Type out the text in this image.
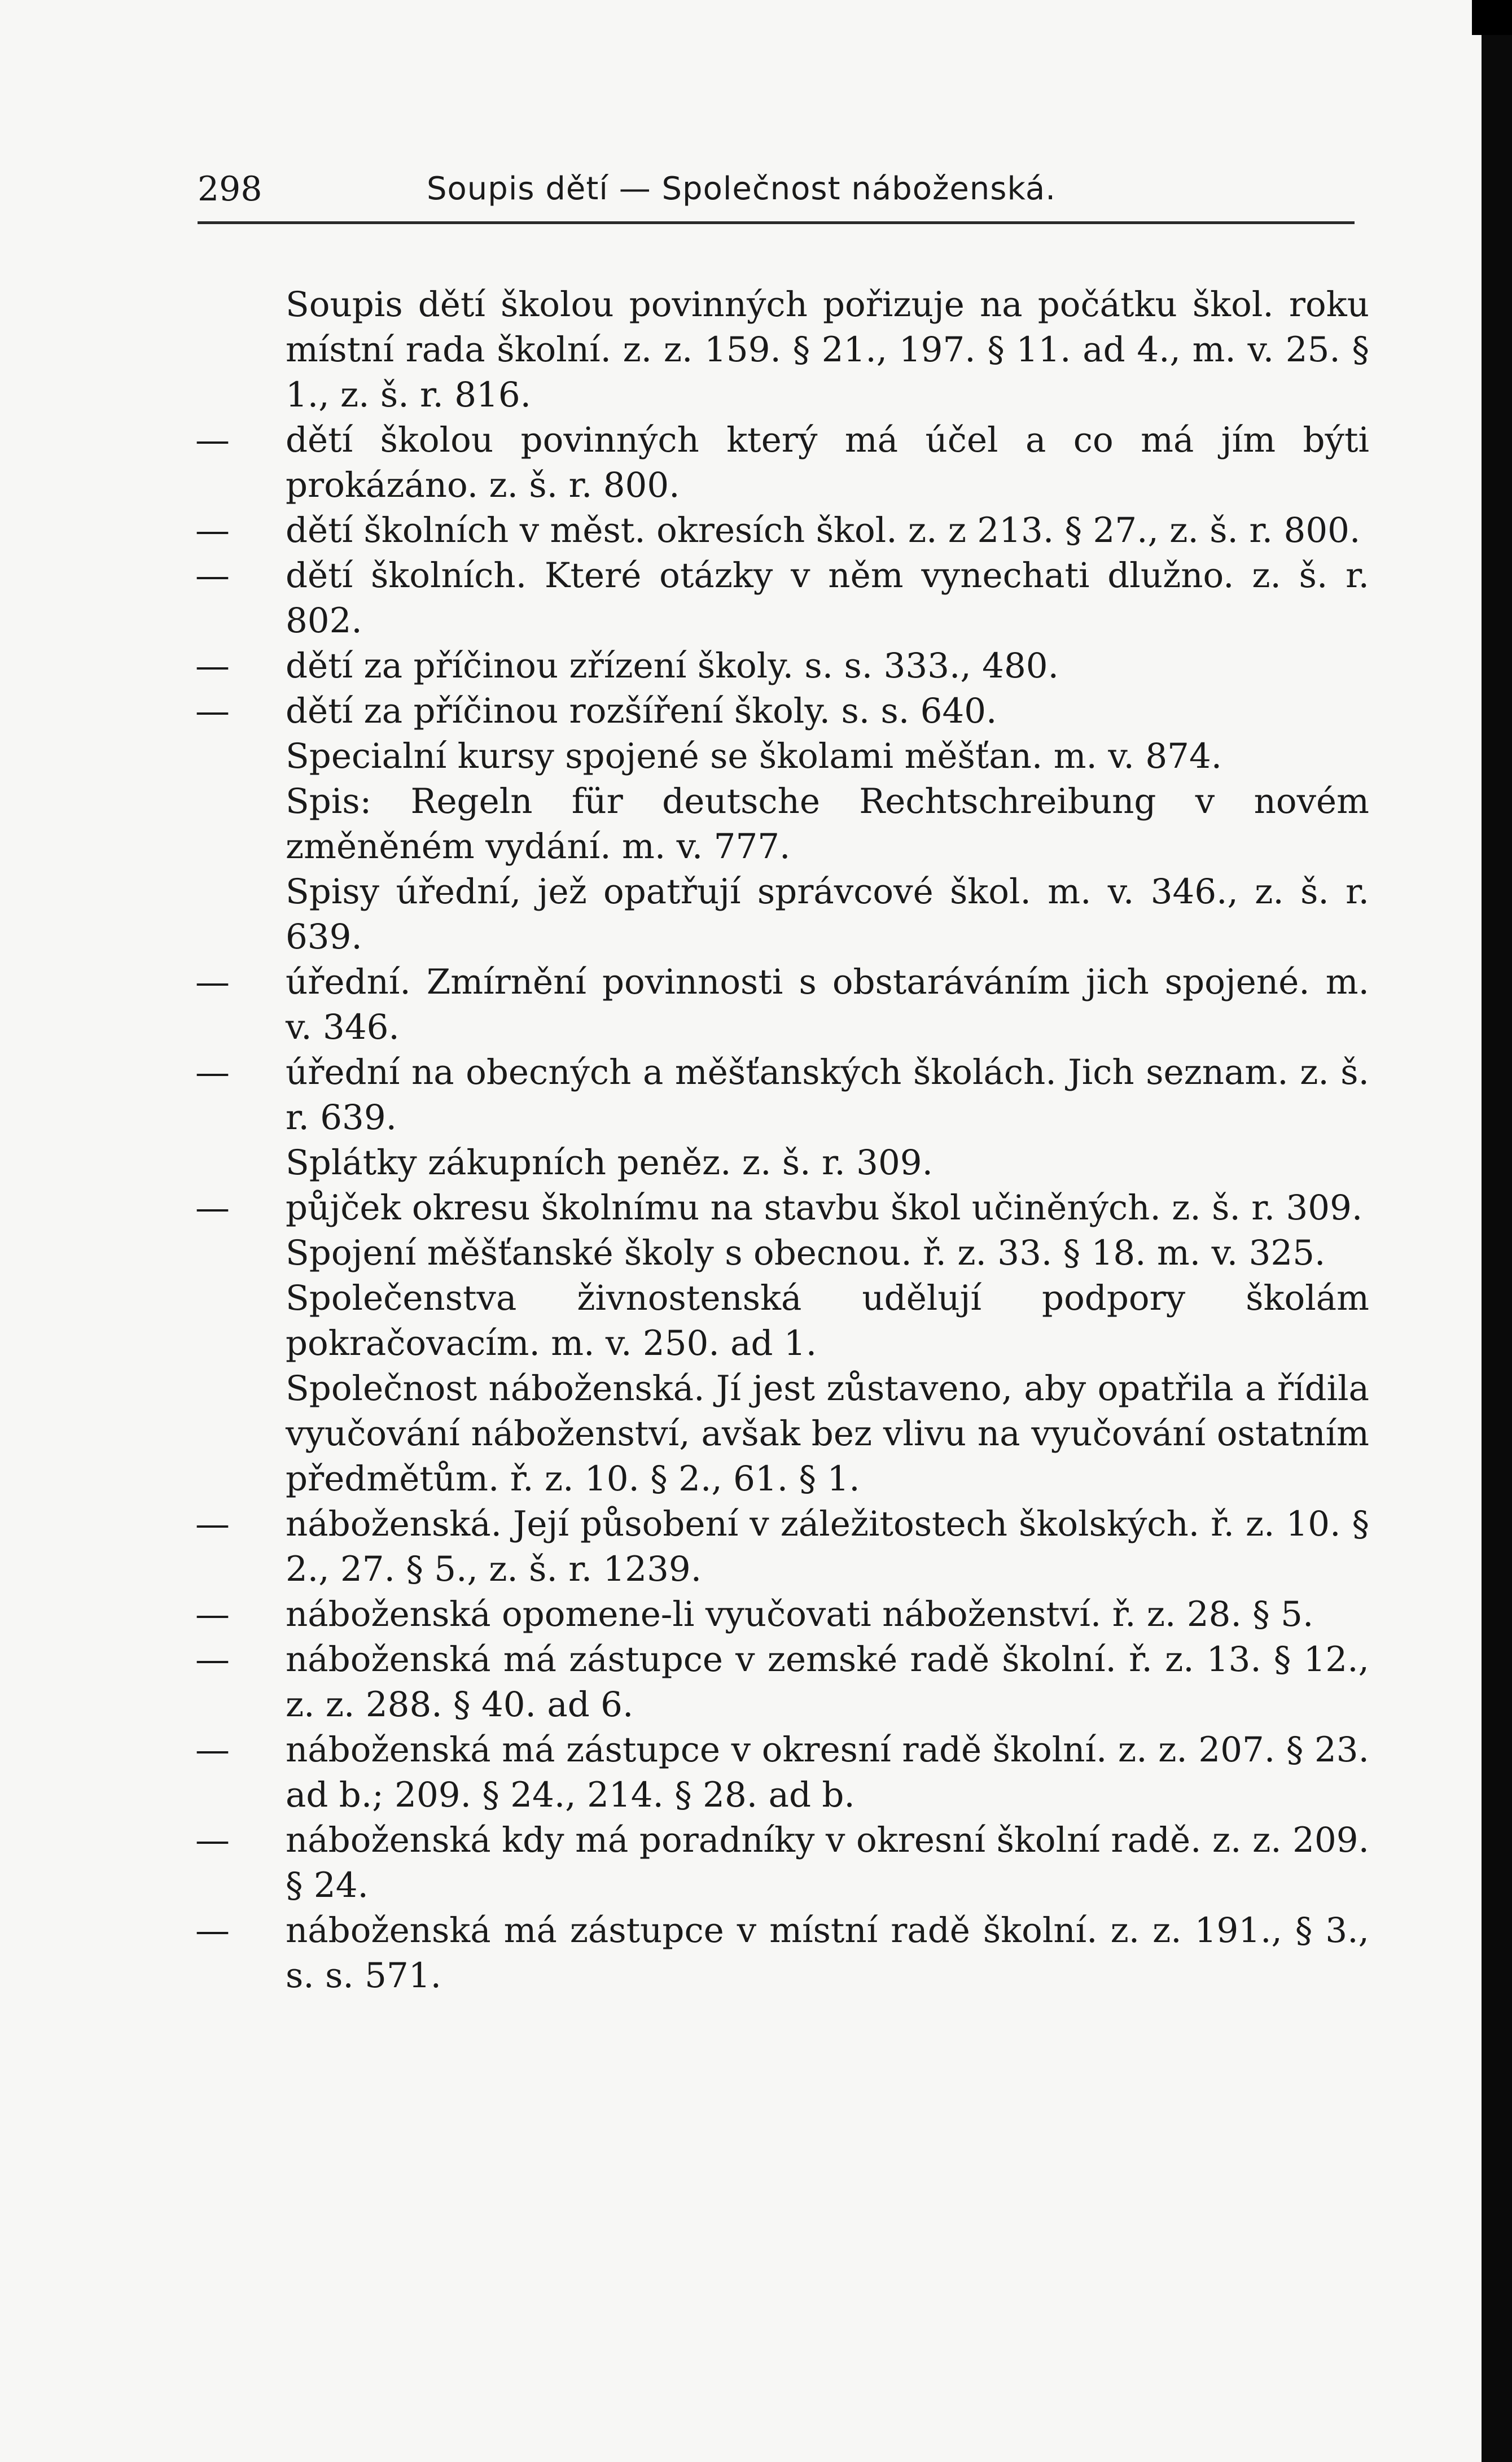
298	Soupis dětí — Společnost náboženská.
Soupis dětí školou povinných pořizuje na počátku škol. roku místní rada školní. z. z. 159. § 21., 197. § 11. ad 4., m. v. 25. § 1., z. š. r. 816.
— dětí školou povinných který má účel a co má jím býti prokázáno. z. š. r. 800.
— dětí školních v měst. okresích škol. z. z 213. § 27., z. š. r. 800.
— dětí školních. Které otázky v něm vynechati dlužno. z. š. r. 802.
— dětí za příčinou zřízení školy. s. s. 333., 480.
— dětí za příčinou rozšíření školy. s. s. 640.
Specialní kursy spojené se školami měšťan. m. v. 874.
Spis: Regeln für deutsche Rechtschreibung v novém změněném vydání. m. v. 777.
Spisy úřední, jež opatřují správcové škol. m. v. 346., z. š. r. 639.
— úřední. Zmírnění povinnosti s obstaráváním jich spojené. m. v. 346.
— úřední na obecných a měšťanských školách. Jich seznam. z. š. r. 639.
Splátky zákupních peněz. z. š. r. 309.
— půjček okresu školnímu na stavbu škol učiněných. z. š. r. 309.
Spojení měšťanské školy s obecnou. ř. z. 33. § 18. m. v. 325.
Společenstva živnostenská udělují podpory školám pokračovacím. m. v. 250. ad 1.
Společnost náboženská. Jí jest zůstaveno, aby opatřila a řídila vyučování náboženství, avšak bez vlivu na vyučování ostatním předmětům. ř. z. 10. § 2., 61. § 1.
— náboženská. Její působení v záležitostech školských. ř. z. 10. § 2., 27. § 5., z. š. r. 1239.
— náboženská opomene-li vyučovati náboženství. ř. z. 28. § 5.
— náboženská má zástupce v zemské radě školní. ř. z. 13. § 12., z. z. 288. § 40. ad 6.
— náboženská má zástupce v okresní radě školní. z. z. 207. § 23. ad b.; 209. § 24., 214. § 28. ad b.
— náboženská kdy má poradníky v okresní školní radě. z. z. 209. § 24.
— náboženská má zástupce v místní radě školní. z. z. 191., § 3., s. s. 571.
